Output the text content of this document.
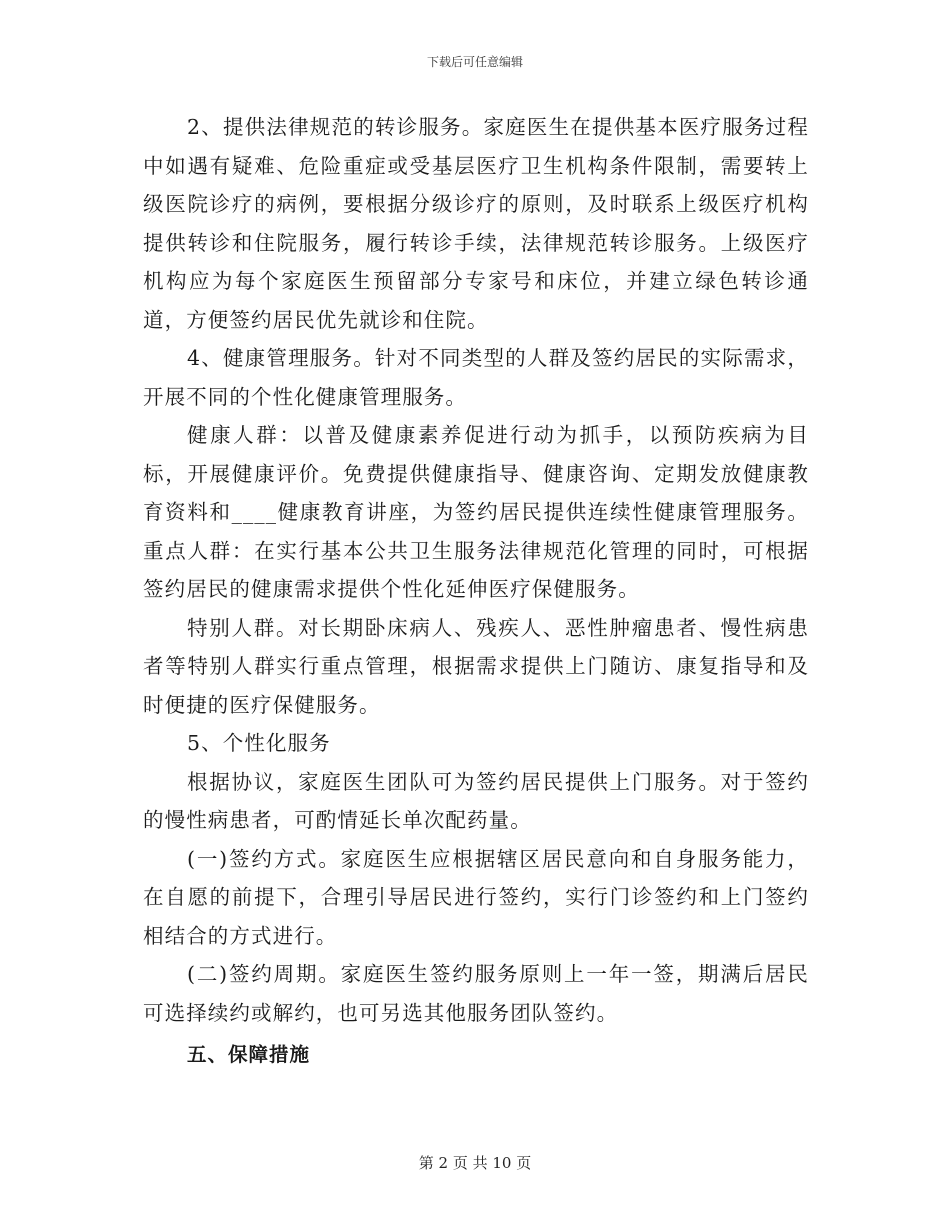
下载后可任意编辑

2、提供法律规范的转诊服务。家庭医生在提供基本医疗服务过程中如遇有疑难、危险重症或受基层医疗卫生机构条件限制，需要转上级医院诊疗的病例，要根据分级诊疗的原则，及时联系上级医疗机构提供转诊和住院服务，履行转诊手续，法律规范转诊服务。上级医疗机构应为每个家庭医生预留部分专家号和床位，并建立绿色转诊通道，方便签约居民优先就诊和住院。

4、健康管理服务。针对不同类型的人群及签约居民的实际需求，开展不同的个性化健康管理服务。

健康人群：以普及健康素养促进行动为抓手，以预防疾病为目标，开展健康评价。免费提供健康指导、健康咨询、定期发放健康教育资料和____健康教育讲座，为签约居民提供连续性健康管理服务。重点人群：在实行基本公共卫生服务法律规范化管理的同时，可根据签约居民的健康需求提供个性化延伸医疗保健服务。

特别人群。对长期卧床病人、残疾人、恶性肿瘤患者、慢性病患者等特别人群实行重点管理，根据需求提供上门随访、康复指导和及时便捷的医疗保健服务。

5、个性化服务

根据协议，家庭医生团队可为签约居民提供上门服务。对于签约的慢性病患者，可酌情延长单次配药量。

(一)签约方式。家庭医生应根据辖区居民意向和自身服务能力，在自愿的前提下，合理引导居民进行签约，实行门诊签约和上门签约相结合的方式进行。

(二)签约周期。家庭医生签约服务原则上一年一签，期满后居民可选择续约或解约，也可另选其他服务团队签约。

五、保障措施

第 2 页 共 10 页
